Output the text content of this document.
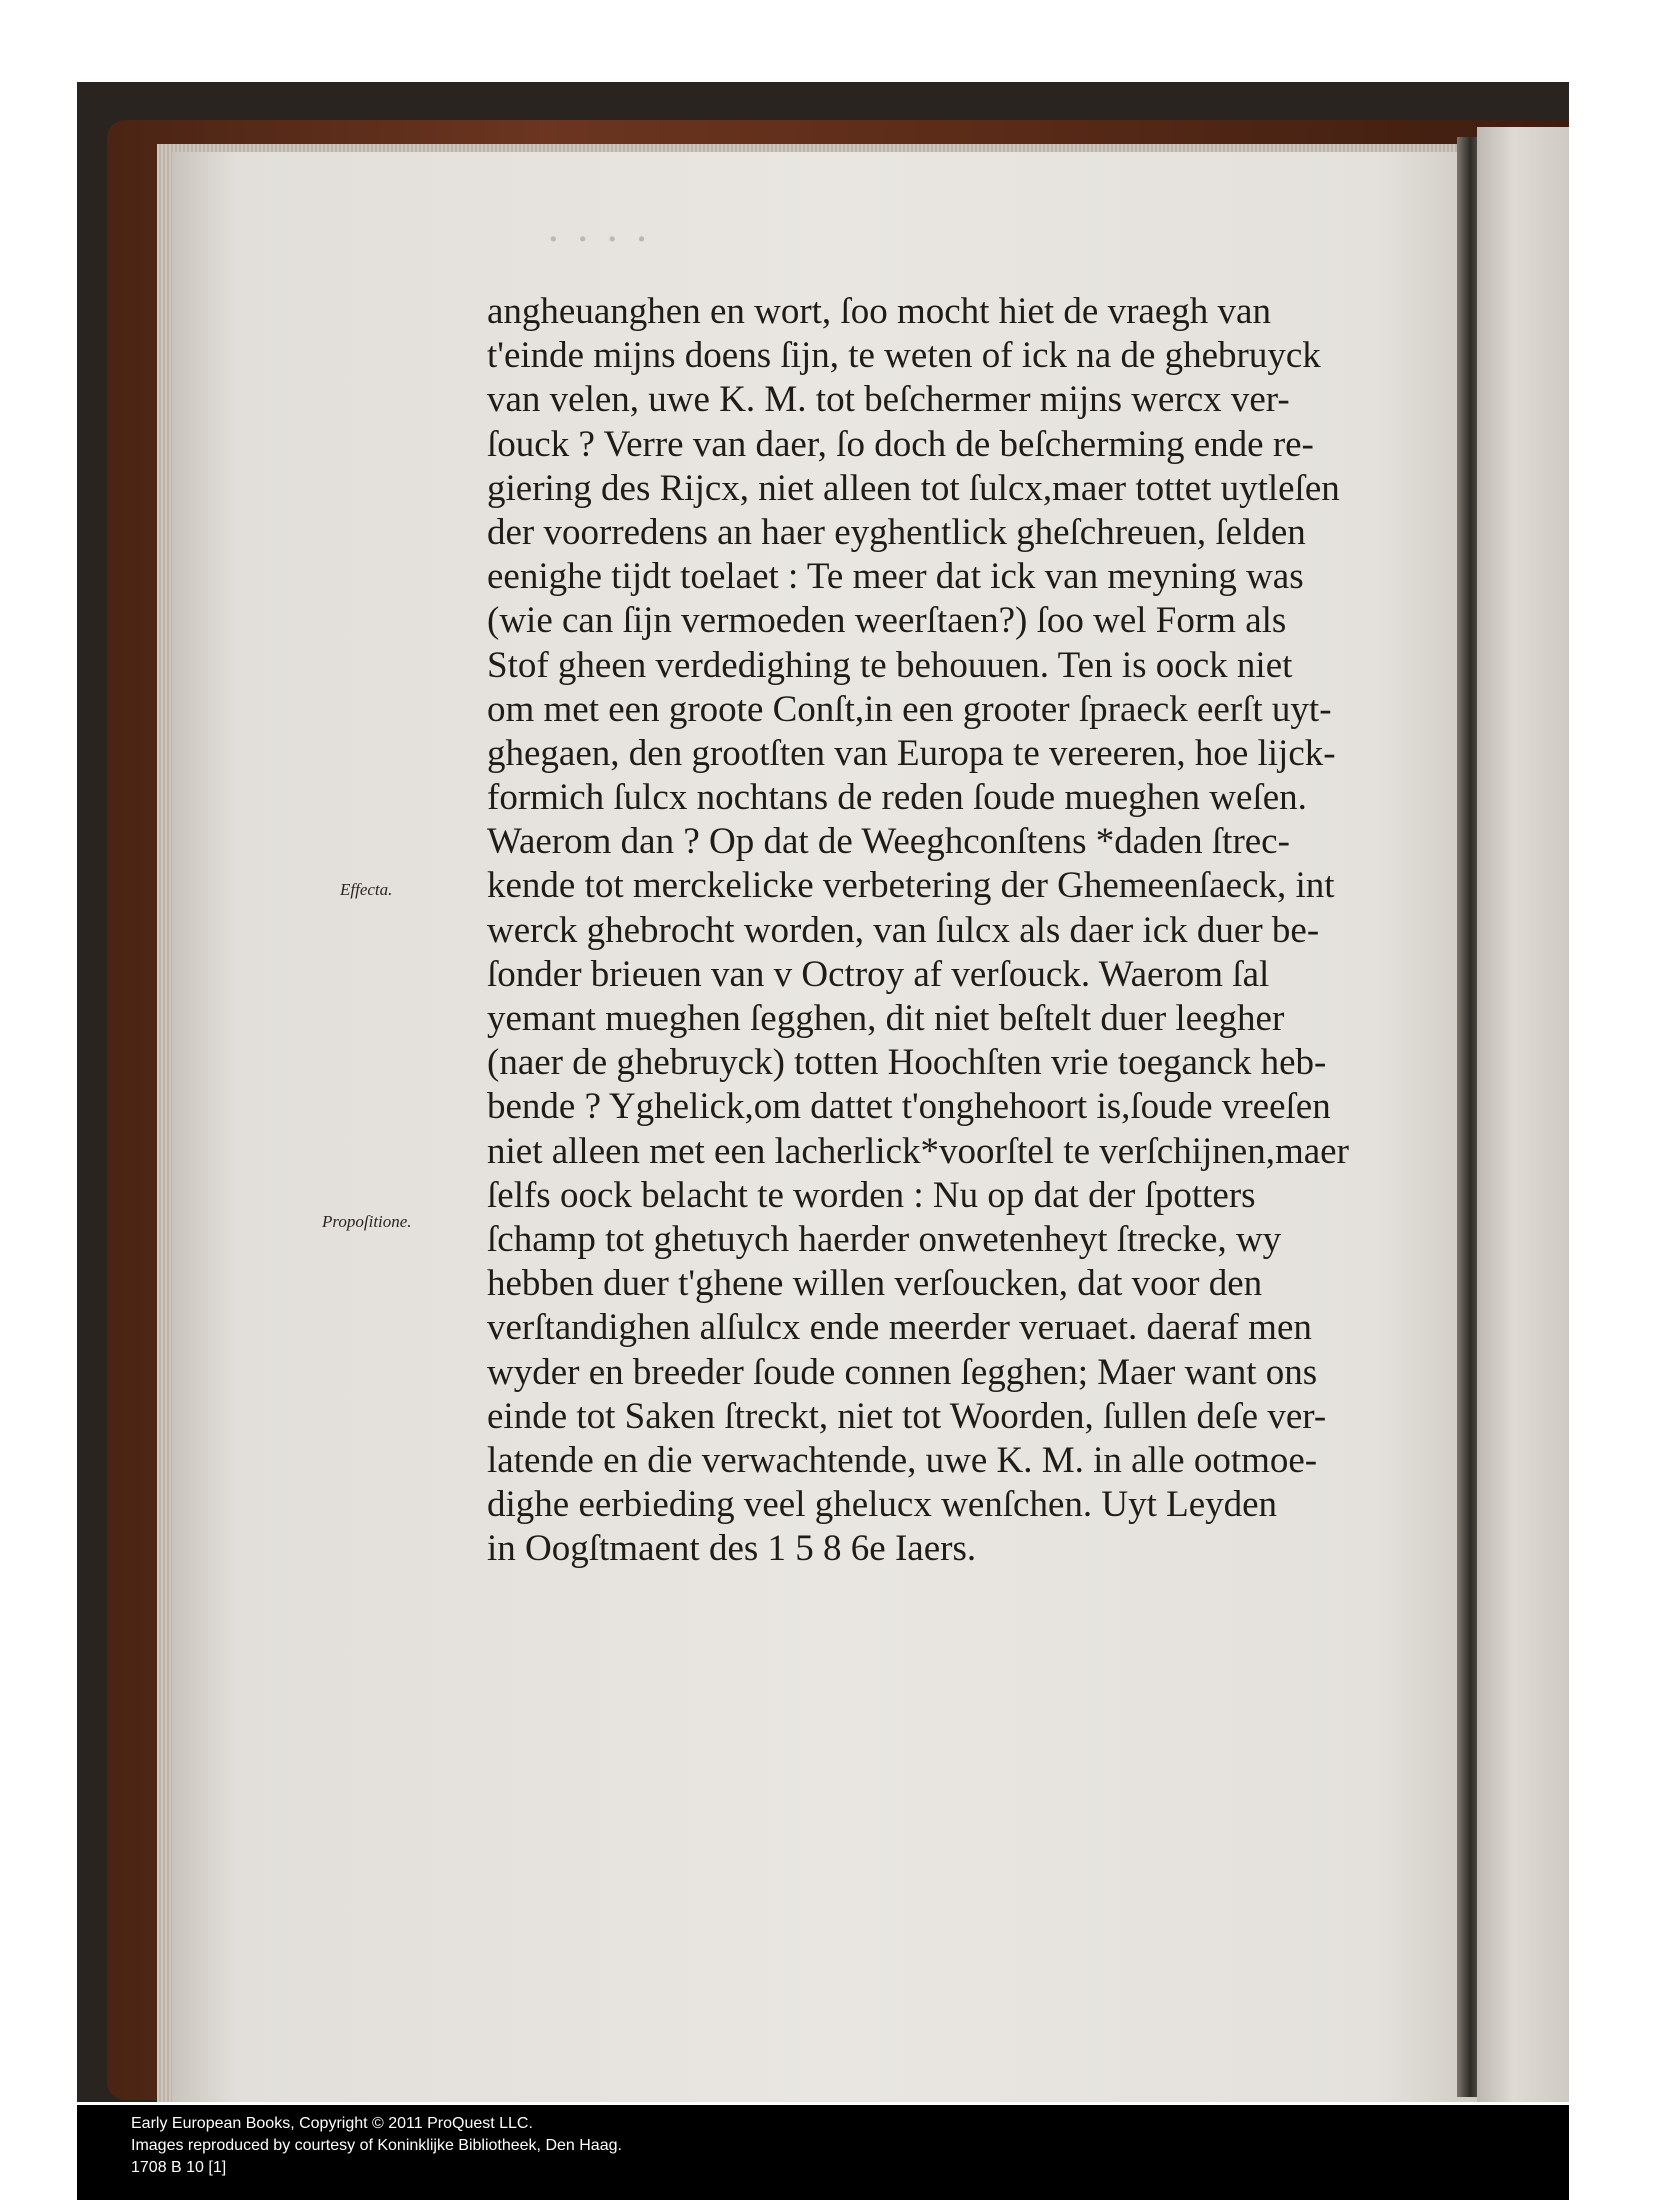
· · · ·
angheuanghen en wort, ſoo mocht hiet de vraegh van
t'einde mijns doens ſijn, te weten of ick na de ghebruyck
van velen, uwe K. M. tot beſchermer mijns wercx ver-
ſouck ? Verre van daer, ſo doch de beſcherming ende re-
giering des Rijcx, niet alleen tot ſulcx,maer tottet uytleſen
der voorredens an haer eyghentlick gheſchreuen, ſelden
eenighe tijdt toelaet : Te meer dat ick van meyning was
(wie can ſijn vermoeden weerſtaen?) ſoo wel Form als
Stof gheen verdedighing te behouuen. Ten is oock niet
om met een groote Conſt,in een grooter ſpraeck eerſt uyt-
ghegaen, den grootſten van Europa te vereeren, hoe lijck-
formich ſulcx nochtans de reden ſoude mueghen weſen.
Waerom dan ? Op dat de Weeghconſtens *daden ſtrec-
kende tot merckelicke verbetering der Ghemeenſaeck, int
werck ghebrocht worden, van ſulcx als daer ick duer be-
ſonder brieuen van v Octroy af verſouck. Waerom ſal
yemant mueghen ſegghen, dit niet beſtelt duer leegher
(naer de ghebruyck) totten Hoochſten vrie toeganck heb-
bende ? Yghelick,om dattet t'onghehoort is,ſoude vreeſen
niet alleen met een lacherlick*voorſtel te verſchijnen,maer
ſelfs oock belacht te worden : Nu op dat der ſpotters
ſchamp tot ghetuych haerder onwetenheyt ſtrecke, wy
hebben duer t'ghene willen verſoucken, dat voor den
verſtandighen alſulcx ende meerder veruaet. daeraf men
wyder en breeder ſoude connen ſegghen; Maer want ons
einde tot Saken ſtreckt, niet tot Woorden, ſullen deſe ver-
latende en die verwachtende, uwe K. M. in alle ootmoe-
dighe eerbieding veel ghelucx wenſchen. Uyt Leyden
in Oogſtmaent des 1 5 8 6e Iaers.
Effecta.
Propoſitione.
Early European Books, Copyright © 2011 ProQuest LLC.
Images reproduced by courtesy of Koninklijke Bibliotheek, Den Haag.
1708 B 10 [1]
